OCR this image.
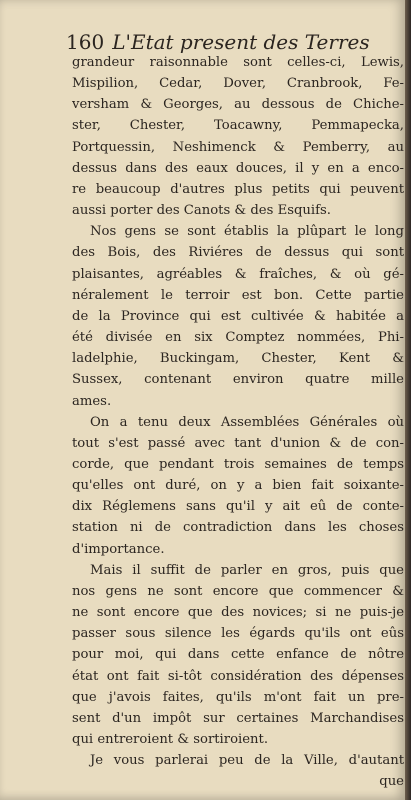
160 L'Etat present des Terres
grandeur raisonnable sont celles-ci, Lewis,
Mispilion, Cedar, Dover, Cranbrook, Fe-
versham & Georges, au dessous de Chiche-
ster, Chester, Toacawny, Pemmapecka,
Portquessin, Neshimenck & Pemberry, au
dessus dans des eaux douces, il y en a enco-
re beaucoup d'autres plus petits qui peuvent
aussi porter des Canots & des Esquifs.
Nos gens se sont établis la plûpart le long
des Bois, des Riviéres de dessus qui sont
plaisantes, agréables & fraîches, & où gé-
néralement le terroir est bon. Cette partie
de la Province qui est cultivée & habitée a
été divisée en six Comptez nommées, Phi-
ladelphie, Buckingam, Chester, Kent &
Sussex, contenant environ quatre mille
ames.
On a tenu deux Assemblées Générales où
tout s'est passé avec tant d'union & de con-
corde, que pendant trois semaines de temps
qu'elles ont duré, on y a bien fait soixante-
dix Réglemens sans qu'il y ait eû de conte-
station ni de contradiction dans les choses
d'importance.
Mais il suffit de parler en gros, puis que
nos gens ne sont encore que commencer &
ne sont encore que des novices; si ne puis-je
passer sous silence les égards qu'ils ont eûs
pour moi, qui dans cette enfance de nôtre
état ont fait si-tôt considération des dépenses
que j'avois faites, qu'ils m'ont fait un pre-
sent d'un impôt sur certaines Marchandises
qui entreroient & sortiroient.
Je vous parlerai peu de la Ville, d'autant
que
